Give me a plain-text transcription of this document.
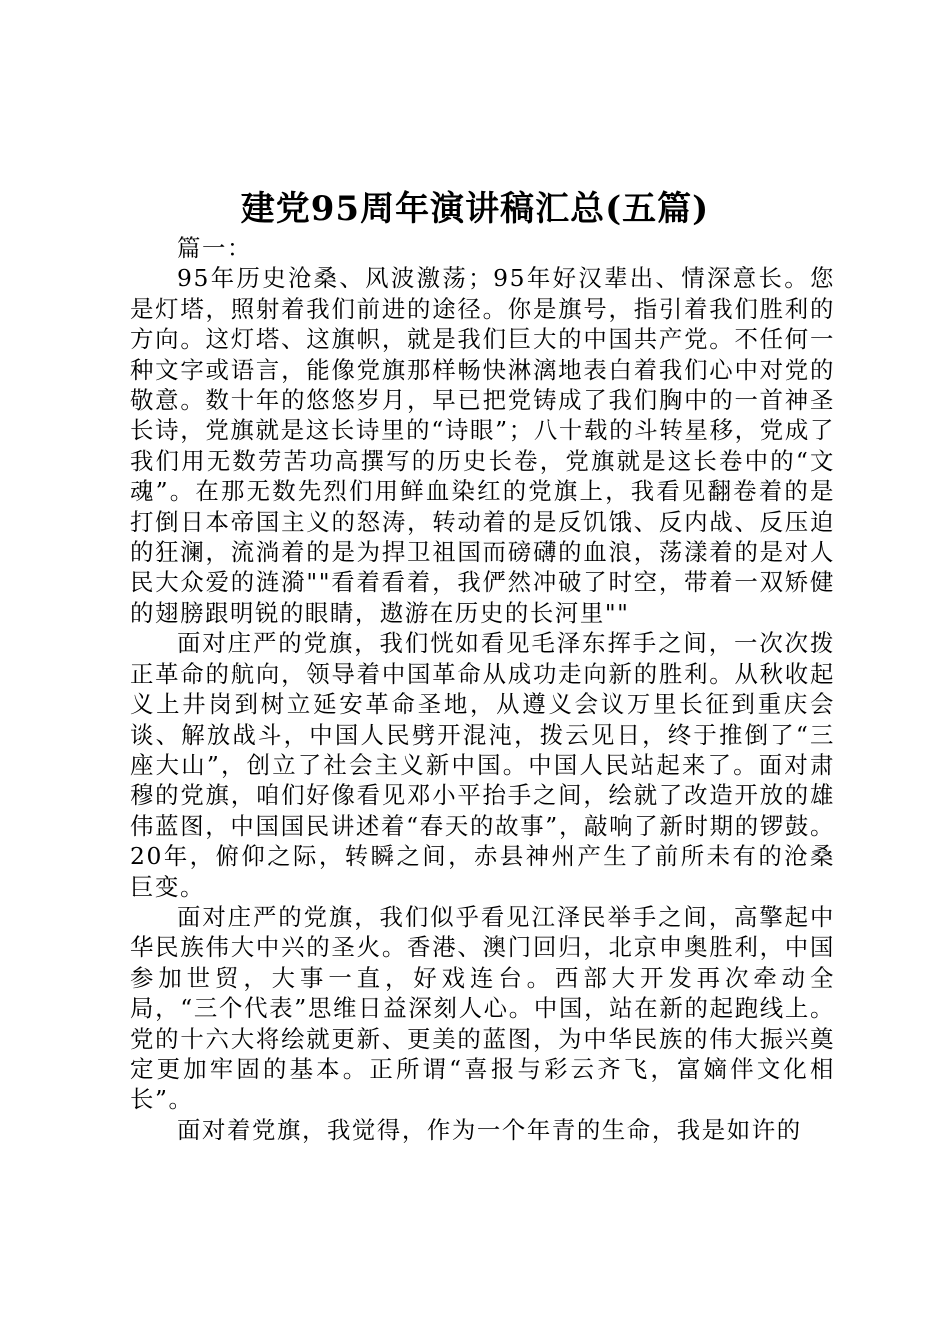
建党95周年演讲稿汇总(五篇)

篇一：

95年历史沧桑、风波激荡；95年好汉辈出、情深意长。您是灯塔，照射着我们前进的途径。你是旗号，指引着我们胜利的方向。这灯塔、这旗帜，就是我们巨大的中国共产党。不任何一种文字或语言，能像党旗那样畅快淋漓地表白着我们心中对党的敬意。数十年的悠悠岁月，早已把党铸成了我们胸中的一首神圣长诗，党旗就是这长诗里的“诗眼”；八十载的斗转星移，党成了我们用无数劳苦功高撰写的历史长卷，党旗就是这长卷中的“文魂”。在那无数先烈们用鲜血染红的党旗上，我看见翻卷着的是打倒日本帝国主义的怒涛，转动着的是反饥饿、反内战、反压迫的狂澜，流淌着的是为捍卫祖国而磅礴的血浪，荡漾着的是对人民大众爱的涟漪""看着看着，我俨然冲破了时空，带着一双矫健的翅膀跟明锐的眼睛，遨游在历史的长河里""

面对庄严的党旗，我们恍如看见毛泽东挥手之间，一次次拨正革命的航向，领导着中国革命从成功走向新的胜利。从秋收起义上井岗到树立延安革命圣地，从遵义会议万里长征到重庆会谈、解放战斗，中国人民劈开混沌，拨云见日，终于推倒了“三座大山”，创立了社会主义新中国。中国人民站起来了。面对肃穆的党旗，咱们好像看见邓小平抬手之间，绘就了改造开放的雄伟蓝图，中国国民讲述着“春天的故事”，敲响了新时期的锣鼓。20年，俯仰之际，转瞬之间，赤县神州产生了前所未有的沧桑巨变。

面对庄严的党旗，我们似乎看见江泽民举手之间，高擎起中华民族伟大中兴的圣火。香港、澳门回归，北京申奥胜利，中国参加世贸，大事一直，好戏连台。西部大开发再次牵动全局，“三个代表”思维日益深刻人心。中国，站在新的起跑线上。党的十六大将绘就更新、更美的蓝图，为中华民族的伟大振兴奠定更加牢固的基本。正所谓“喜报与彩云齐飞，富嫡伴文化相长”。

面对着党旗，我觉得，作为一个年青的生命，我是如许的
